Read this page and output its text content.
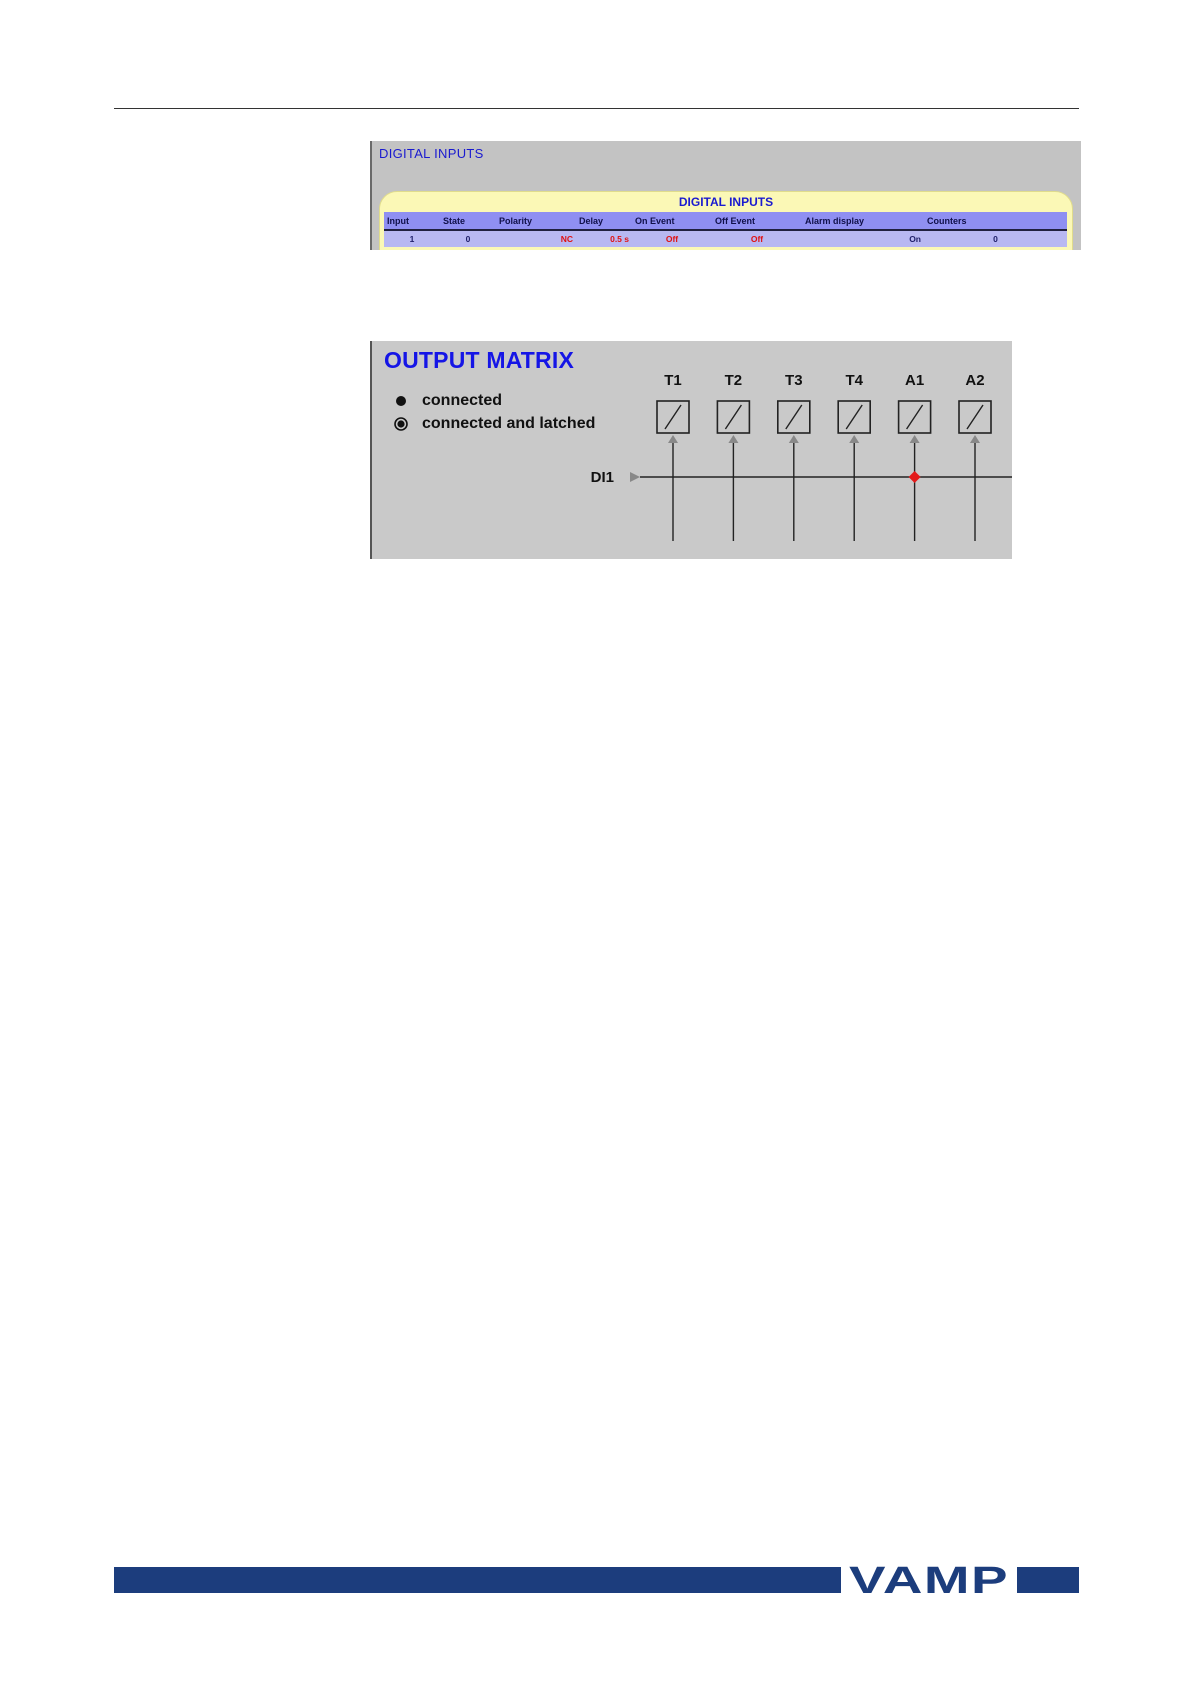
DIGITAL INPUTS
DIGITAL INPUTS
Input	State	Polarity	Delay	On Event	Off Event	Alarm display	Counters
1	0	NC	0.5 s	Off	Off	On	0
OUTPUT MATRIX
connected
connected and latched
DI1
T1	T2	T3	T4	A1	A2
VAMP
